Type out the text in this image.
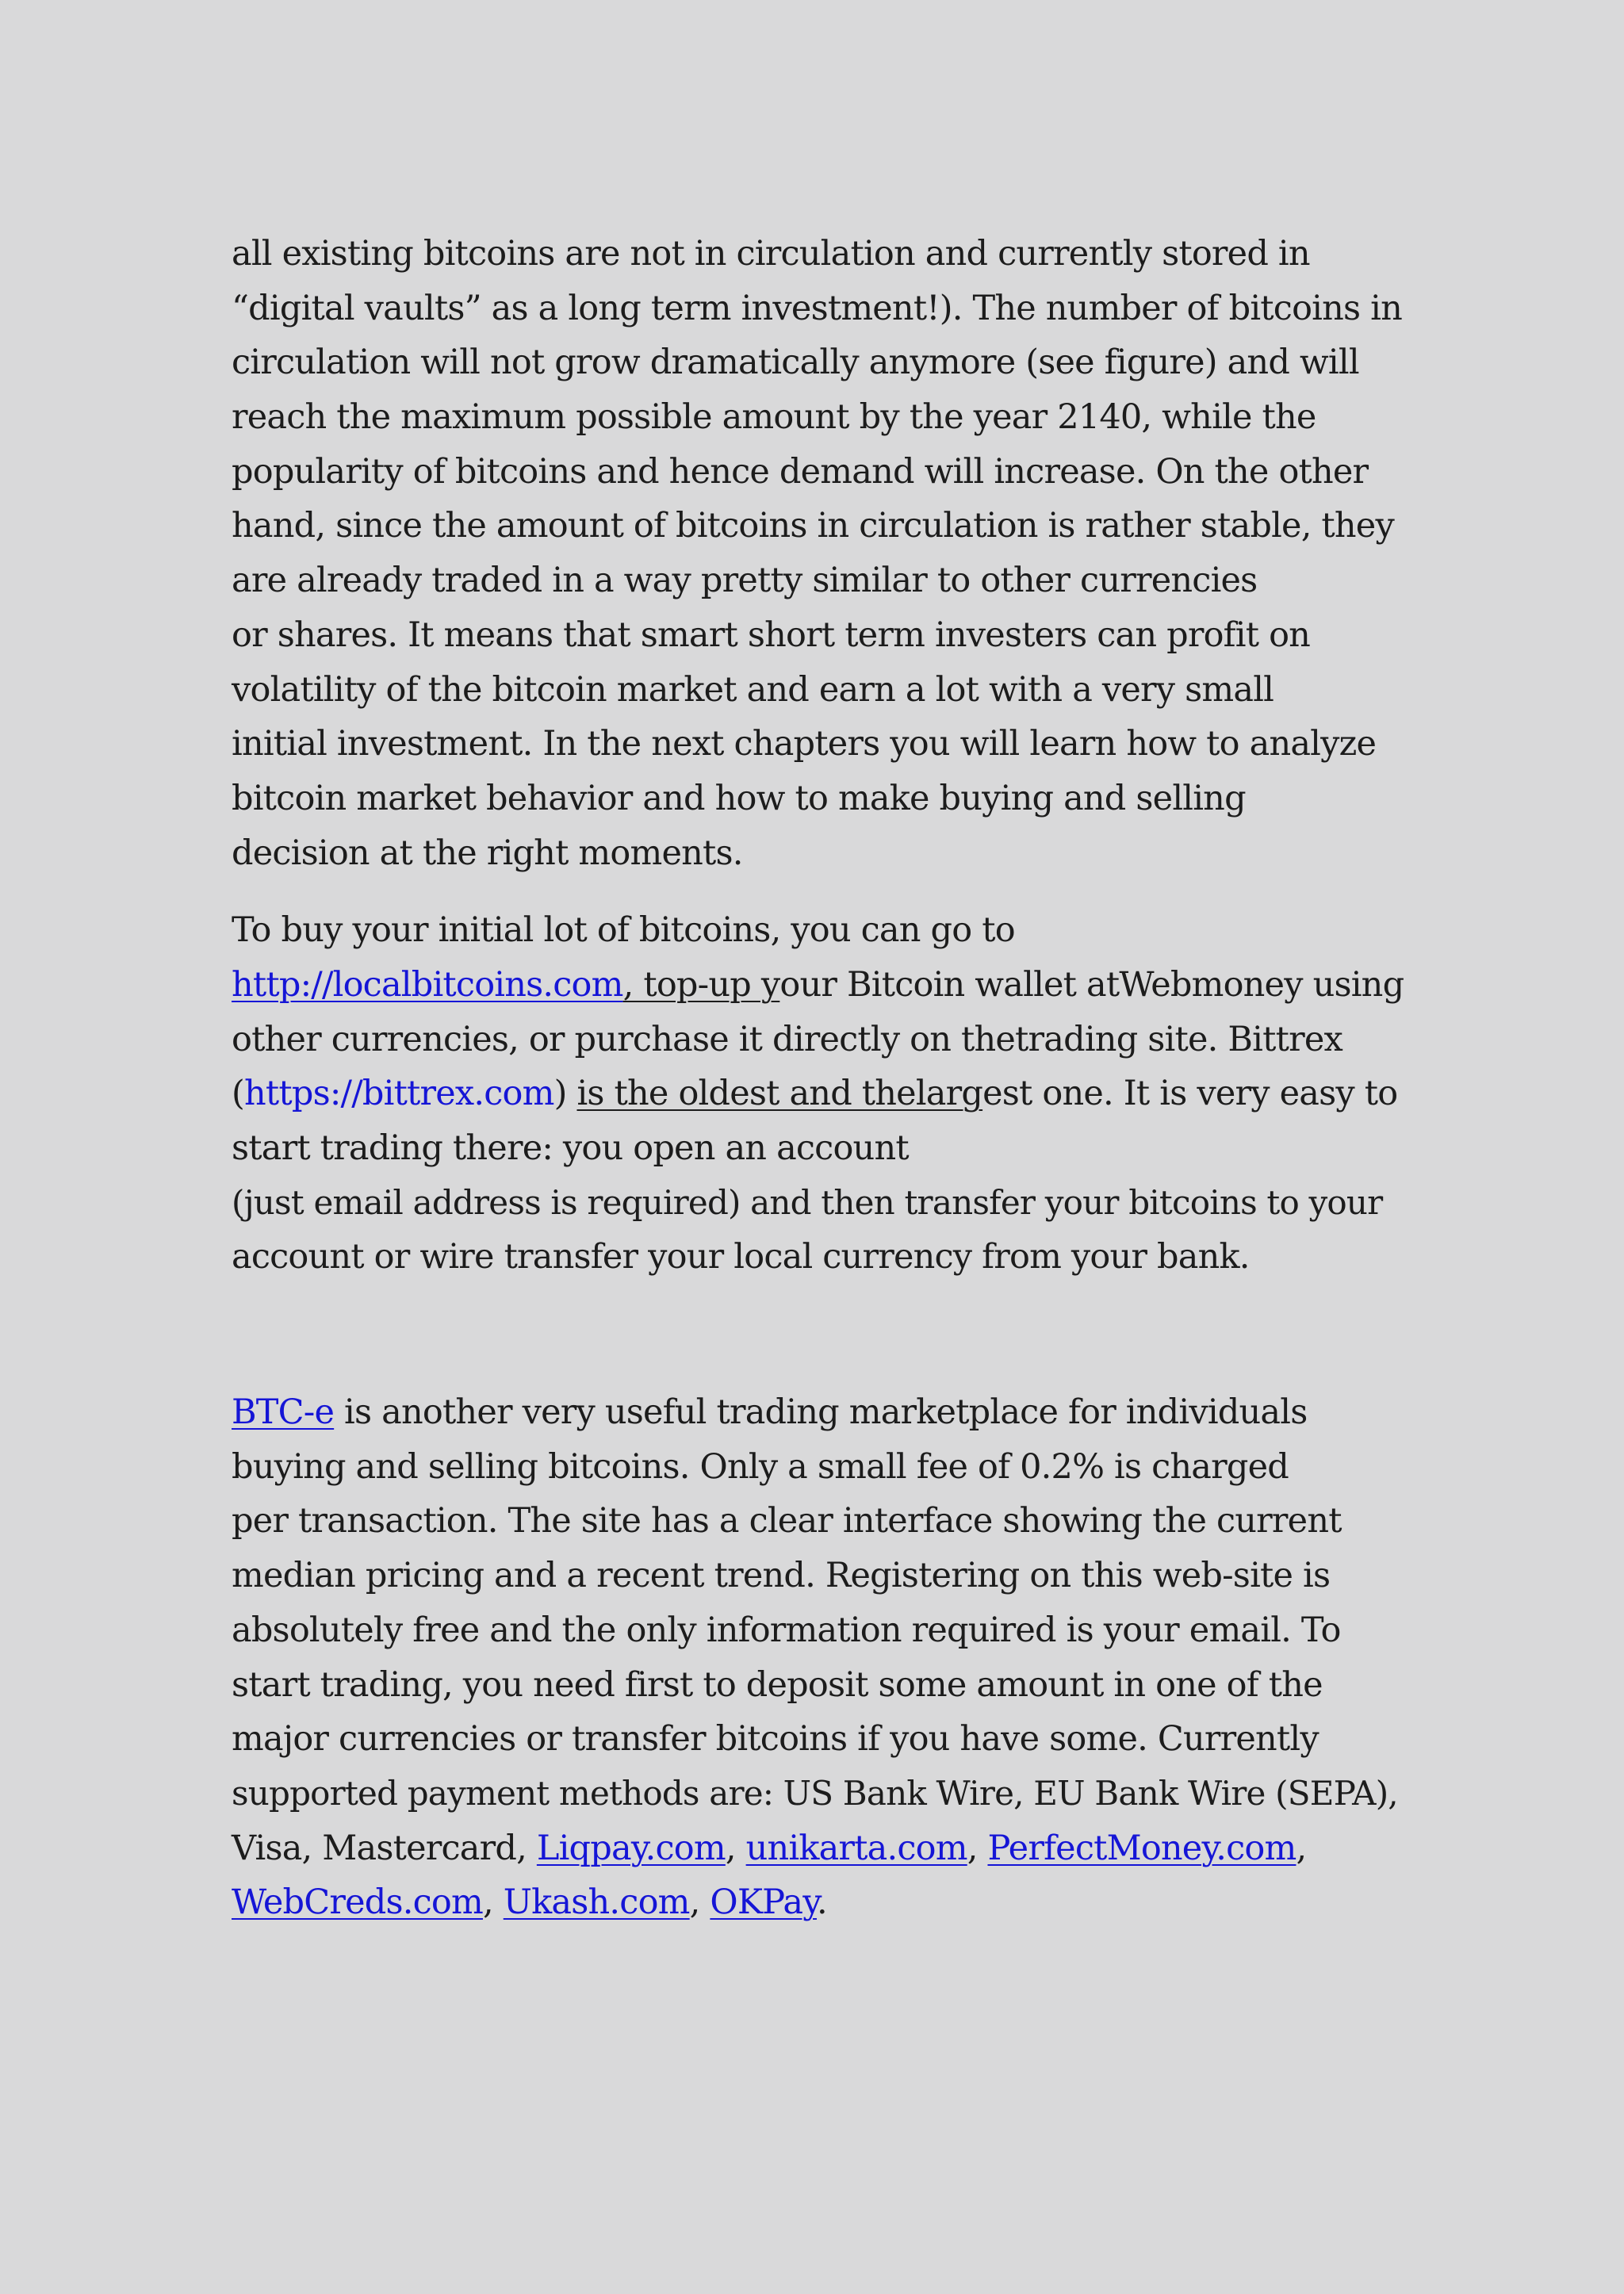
all existing bitcoins are not in circulation and currently stored in
“digital vaults” as a long term investment!). The number of bitcoins in
circulation will not grow dramatically anymore (see figure) and will
reach the maximum possible amount by the year 2140, while the
popularity of bitcoins and hence demand will increase. On the other
hand, since the amount of bitcoins in circulation is rather stable, they
are already traded in a way pretty similar to other currencies
or shares. It means that smart short term investers can profit on
volatility of the bitcoin market and earn a lot with a very small
initial investment. In the next chapters you will learn how to analyze
bitcoin market behavior and how to make buying and selling
decision at the right moments.
To buy your initial lot of bitcoins, you can go to
http://localbitcoins.com, top-up your Bitcoin wallet atWebmoney using
other currencies, or purchase it directly on thetrading site. Bittrex
(https://bittrex.com) is the oldest and thelargest one. It is very easy to
start trading there: you open an account
(just email address is required) and then transfer your bitcoins to your
account or wire transfer your local currency from your bank.
BTC-e is another very useful trading marketplace for individuals
buying and selling bitcoins. Only a small fee of 0.2% is charged
per transaction. The site has a clear interface showing the current
median pricing and a recent trend. Registering on this web-site is
absolutely free and the only information required is your email. To
start trading, you need first to deposit some amount in one of the
major currencies or transfer bitcoins if you have some. Currently
supported payment methods are: US Bank Wire, EU Bank Wire (SEPA),
Visa, Mastercard, Liqpay.com, unikarta.com, PerfectMoney.com,
WebCreds.com, Ukash.com, OKPay.
